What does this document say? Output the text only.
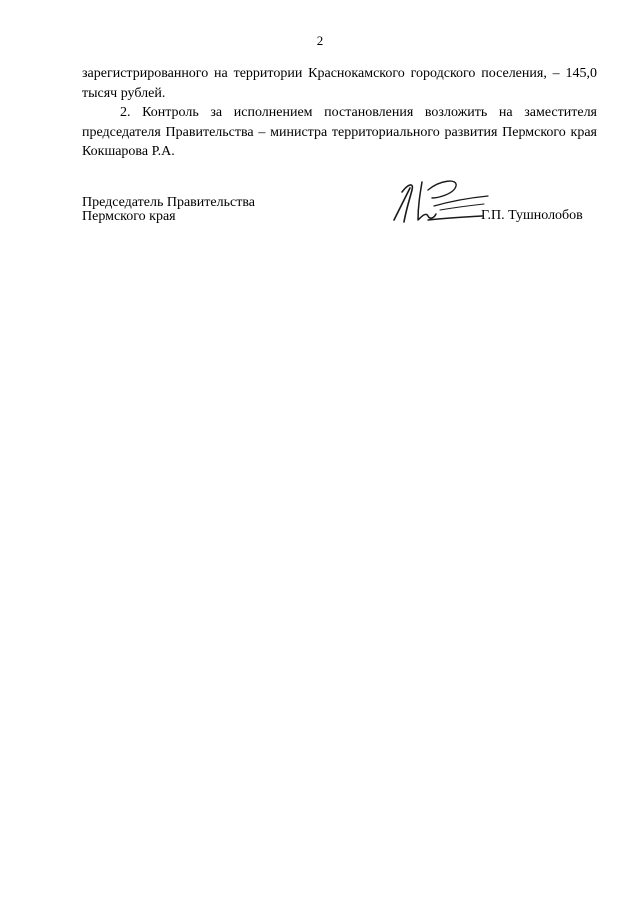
2

зарегистрированного на территории Краснокамского городского поселения, – 145,0 тысяч рублей.

2. Контроль за исполнением постановления возложить на заместителя председателя Правительства – министра территориального развития Пермского края Кокшарова Р.А.

Председатель Правительства
Пермского края	Г.П. Тушнолобов
